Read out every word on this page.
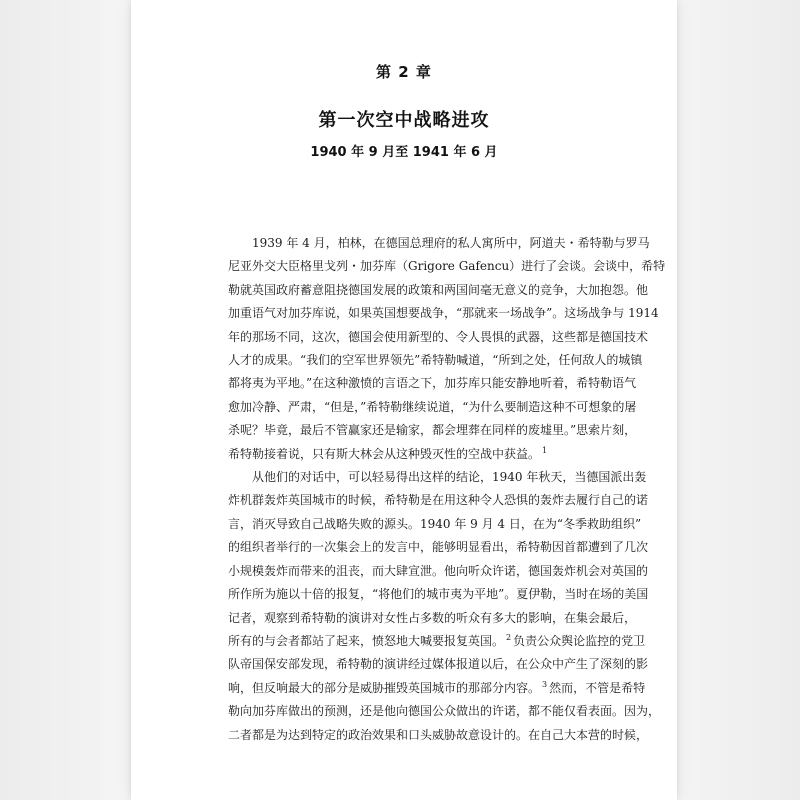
第 2 章
第一次空中战略进攻
1940 年 9 月至 1941 年 6 月

1939 年 4 月，柏林，在德国总理府的私人寓所中，阿道夫・希特勒与罗马
尼亚外交大臣格里戈列・加芬库（Grigore Gafencu）进行了会谈。会谈中，希特
勒就英国政府蓄意阻挠德国发展的政策和两国间毫无意义的竞争，大加抱怨。他
加重语气对加芬库说，如果英国想要战争，“那就来一场战争”。这场战争与 1914
年的那场不同，这次，德国会使用新型的、令人畏惧的武器，这些都是德国技术
人才的成果。“我们的空军世界领先”希特勒喊道，“所到之处，任何敌人的城镇
都将夷为平地。”在这种激愤的言语之下，加芬库只能安静地听着，希特勒语气
愈加冷静、严肃，“但是，”希特勒继续说道，“为什么要制造这种不可想象的屠
杀呢？毕竟，最后不管赢家还是输家，都会埋葬在同样的废墟里。”思索片刻，
希特勒接着说，只有斯大林会从这种毁灭性的空战中获益。 $^1$

从他们的对话中，可以轻易得出这样的结论，1940 年秋天，当德国派出轰
炸机群轰炸英国城市的时候，希特勒是在用这种令人恐惧的轰炸去履行自己的诺
言，消灭导致自己战略失败的源头。1940 年 9 月 4 日，在为“冬季救助组织”
的组织者举行的一次集会上的发言中，能够明显看出，希特勒因首都遭到了几次
小规模轰炸而带来的沮丧，而大肆宣泄。他向听众许诺，德国轰炸机会对英国的
所作所为施以十倍的报复，“将他们的城市夷为平地”。夏伊勒，当时在场的美国
记者，观察到希特勒的演讲对女性占多数的听众有多大的影响，在集会最后，
所有的与会者都站了起来，愤怒地大喊要报复英国。 $^2$ 负责公众舆论监控的党卫
队帝国保安部发现，希特勒的演讲经过媒体报道以后，在公众中产生了深刻的影
响，但反响最大的部分是威胁摧毁英国城市的那部分内容。 $^3$ 然而，不管是希特
勒向加芬库做出的预测，还是他向德国公众做出的许诺，都不能仅看表面。因为，
二者都是为达到特定的政治效果和口头威胁故意设计的。在自己大本营的时候，
